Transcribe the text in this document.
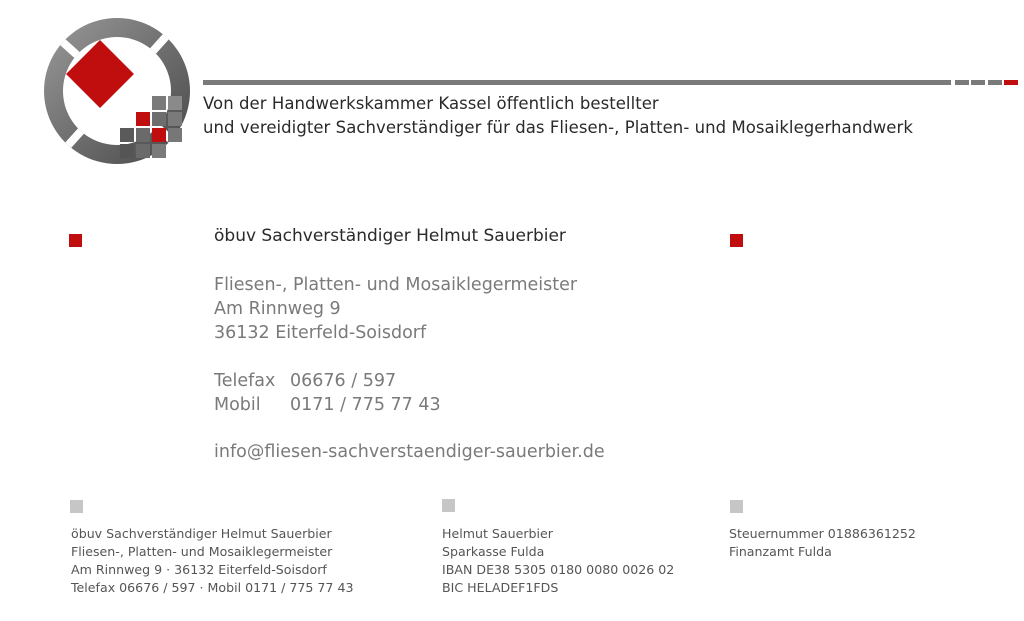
Von der Handwerkskammer Kassel öffentlich bestellter
und vereidigter Sachverständiger für das Fliesen-, Platten- und Mosaiklegerhandwerk
öbuv Sachverständiger Helmut Sauerbier
Fliesen-, Platten- und Mosaiklegermeister
Am Rinnweg 9
36132 Eiterfeld-Soisdorf
Telefax 06676 / 597
Mobil 0171 / 775 77 43
info@fliesen-sachverstaendiger-sauerbier.de
öbuv Sachverständiger Helmut Sauerbier
Fliesen-, Platten- und Mosaiklegermeister
Am Rinnweg 9 · 36132 Eiterfeld-Soisdorf
Telefax 06676 / 597 · Mobil 0171 / 775 77 43
Helmut Sauerbier
Sparkasse Fulda
IBAN DE38 5305 0180 0080 0026 02
BIC HELADEF1FDS
Steuernummer 01886361252
Finanzamt Fulda
